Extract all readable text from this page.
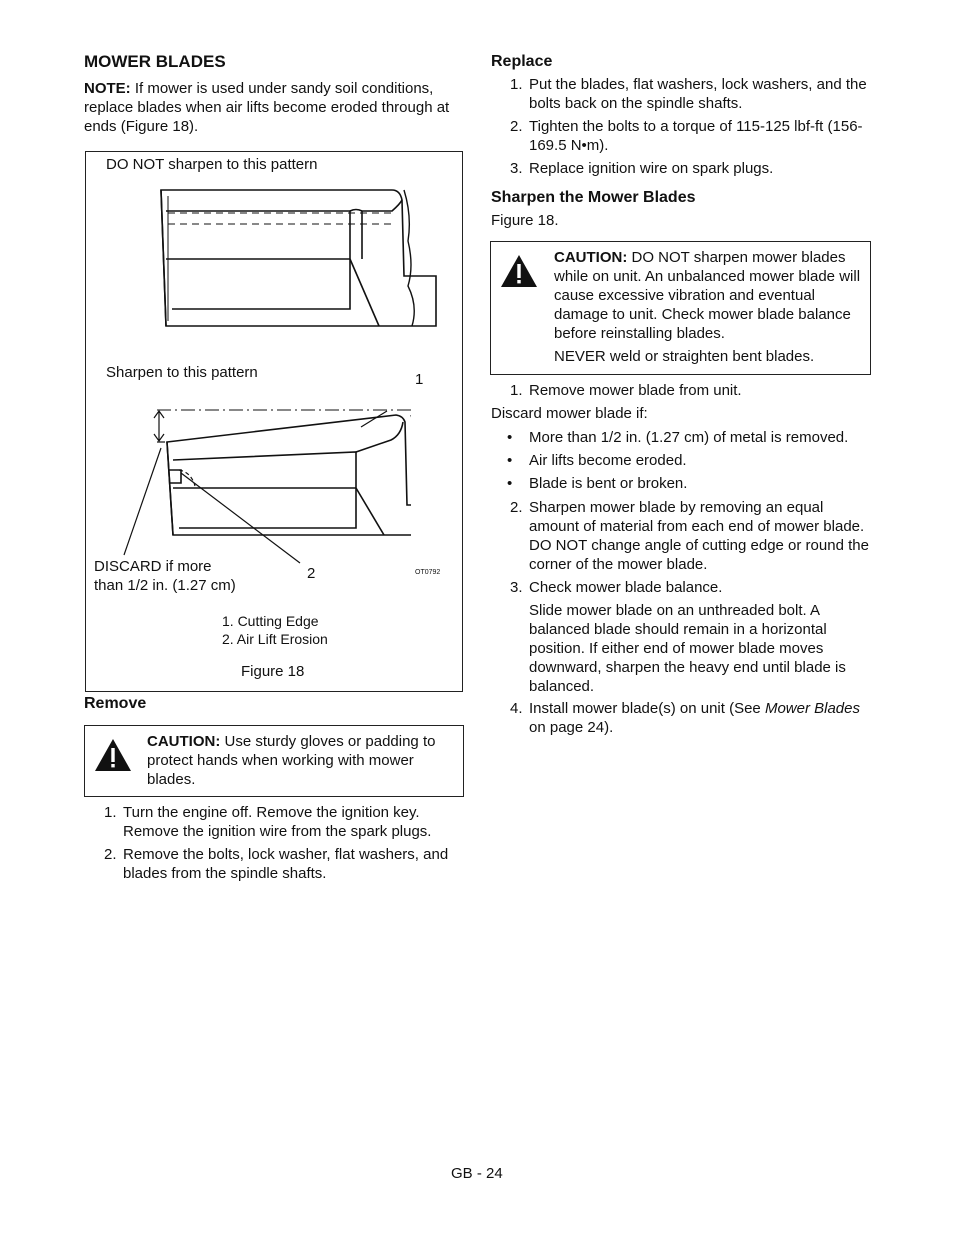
MOWER BLADES

NOTE: If mower is used under sandy soil conditions, replace blades when air lifts become eroded through at ends (Figure 18).

DO NOT sharpen to this pattern
Sharpen to this pattern	1
2
DISCARD if more
than 1/2 in. (1.27 cm)
OT0792
1. Cutting Edge
2. Air Lift Erosion
Figure 18
Remove

CAUTION: Use sturdy gloves or padding to protect hands when working with mower blades.

1. Turn the engine off. Remove the ignition key. Remove the ignition wire from the spark plugs.
2. Remove the bolts, lock washer, flat washers, and blades from the spindle shafts.
Replace
1. Put the blades, flat washers, lock washers, and the bolts back on the spindle shafts.
2. Tighten the bolts to a torque of 115-125 lbf-ft (156-169.5 N•m).
3. Replace ignition wire on spark plugs.
Sharpen the Mower Blades

Figure 18.

CAUTION: DO NOT sharpen mower blades while on unit. An unbalanced mower blade will cause excessive vibration and eventual damage to unit. Check mower blade balance before reinstalling blades.

NEVER weld or straighten bent blades.

1. Remove mower blade from unit.

Discard mower blade if:

• More than 1/2 in. (1.27 cm) of metal is removed.
• Air lifts become eroded.
• Blade is bent or broken.
2. Sharpen mower blade by removing an equal amount of material from each end of mower blade. DO NOT change angle of cutting edge or round the corner of the mower blade.
3. Check mower blade balance.

Slide mower blade on an unthreaded bolt. A balanced blade should remain in a horizontal position. If either end of mower blade moves downward, sharpen the heavy end until blade is balanced.

4. Install mower blade(s) on unit (See Mower Blades on page 24).
GB - 24
